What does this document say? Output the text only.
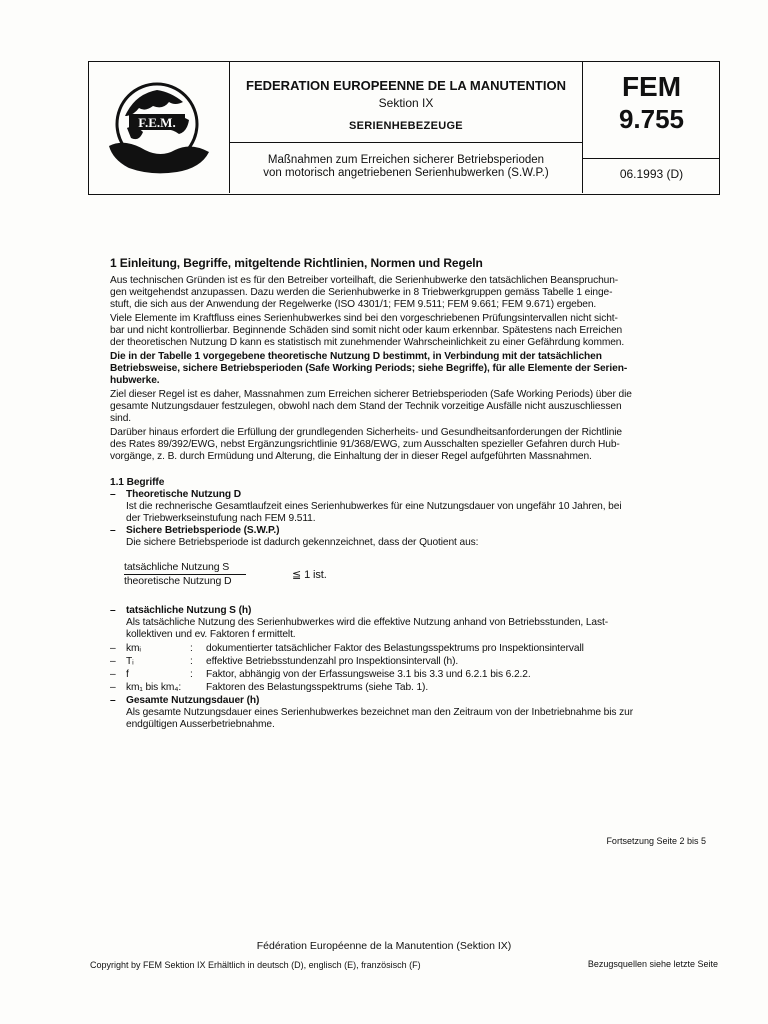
F.E.M.
FEDERATION EUROPEENNE DE LA MANUTENTION
Sektion IX
SERIENHEBEZEUGE
Maßnahmen zum Erreichen sicherer Betriebsperioden
von motorisch angetriebenen Serienhubwerken (S.W.P.)
FEM
9.755
06.1993 (D)

1 Einleitung, Begriffe, mitgeltende Richtlinien, Normen und Regeln

Aus technischen Gründen ist es für den Betreiber vorteilhaft, die Serienhubwerke den tatsächlichen Beanspruchun-

gen weitgehendst anzupassen. Dazu werden die Serienhubwerke in 8 Triebwerkgruppen gemäss Tabelle 1 einge-

stuft, die sich aus der Anwendung der Regelwerke (ISO 4301/1; FEM 9.511; FEM 9.661; FEM 9.671) ergeben.

Viele Elemente im Kraftfluss eines Serienhubwerkes sind bei den vorgeschriebenen Prüfungsintervallen nicht sicht-

bar und nicht kontrollierbar. Beginnende Schäden sind somit nicht oder kaum erkennbar. Spätestens nach Erreichen

der theoretischen Nutzung D kann es statistisch mit zunehmender Wahrscheinlichkeit zu einer Gefährdung kommen.

Die in der Tabelle 1 vorgegebene theoretische Nutzung D bestimmt, in Verbindung mit der tatsächlichen

Betriebsweise, sichere Betriebsperioden (Safe Working Periods; siehe Begriffe), für alle Elemente der Serien-

hubwerke.

Ziel dieser Regel ist es daher, Massnahmen zum Erreichen sicherer Betriebsperioden (Safe Working Periods) über die

gesamte Nutzungsdauer festzulegen, obwohl nach dem Stand der Technik vorzeitige Ausfälle nicht auszuschliessen

sind.

Darüber hinaus erfordert die Erfüllung der grundlegenden Sicherheits- und Gesundheitsanforderungen der Richtlinie

des Rates 89/392/EWG, nebst Ergänzungsrichtlinie 91/368/EWG, zum Ausschalten spezieller Gefahren durch Hub-

vorgänge, z. B. durch Ermüdung und Alterung, die Einhaltung der in dieser Regel aufgeführten Massnahmen.

1.1 Begriffe

– Theoretische Nutzung D

Ist die rechnerische Gesamtlaufzeit eines Serienhubwerkes für eine Nutzungsdauer von ungefähr 10 Jahren, bei

der Triebwerkseinstufung nach FEM 9.511.

– Sichere Betriebsperiode (S.W.P.)

Die sichere Betriebsperiode ist dadurch gekennzeichnet, dass der Quotient aus:

tatsächliche Nutzung S
theoretische Nutzung D	≦ 1 ist.
– tatsächliche Nutzung S (h)

Als tatsächliche Nutzung des Serienhubwerkes wird die effektive Nutzung anhand von Betriebsstunden, Last-

kollektiven und ev. Faktoren f ermittelt.

– kmᵢ	: dokumentierter tatsächlicher Faktor des Belastungsspektrums pro Inspektionsintervall
– Tᵢ	: effektive Betriebsstundenzahl pro Inspektionsintervall (h).
– f	: Faktor, abhängig von der Erfassungsweise 3.1 bis 3.3 und 6.2.1 bis 6.2.2.
– km₁ bis km₄: Faktoren des Belastungsspektrums (siehe Tab. 1).
– Gesamte Nutzungsdauer (h)

Als gesamte Nutzungsdauer eines Serienhubwerkes bezeichnet man den Zeitraum von der Inbetriebnahme bis zur

endgültigen Ausserbetriebnahme.

Fortsetzung Seite 2 bis 5
Fédération Européenne de la Manutention (Sektion IX)
Copyright by FEM Sektion IX Erhältlich in deutsch (D), englisch (E), französisch (F)	Bezugsquellen siehe letzte Seite
